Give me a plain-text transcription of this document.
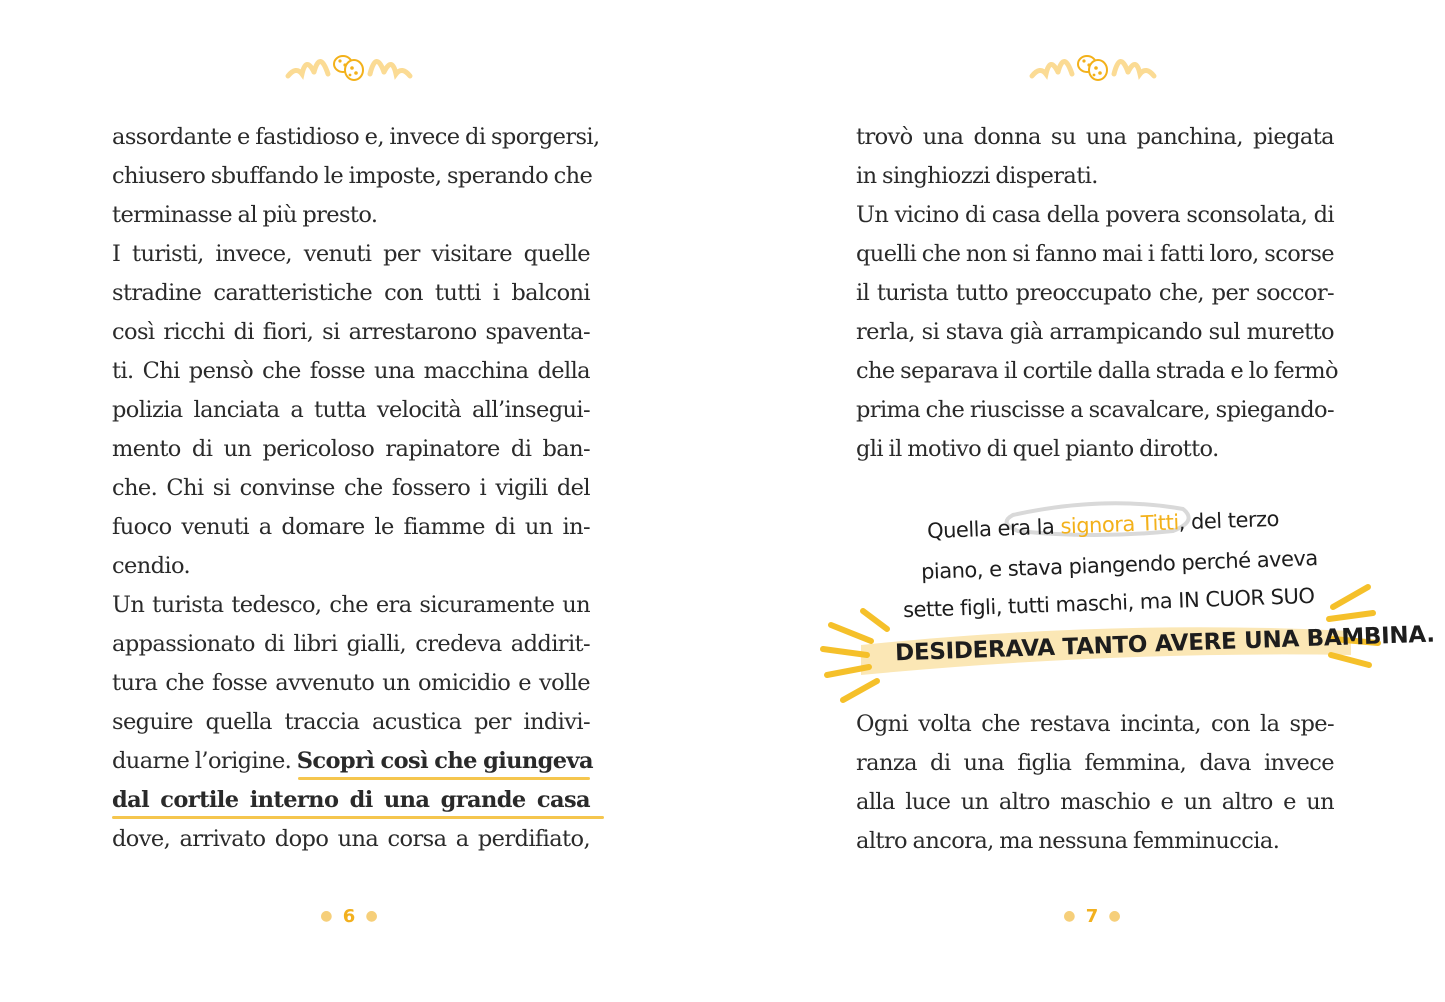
assordante e fastidioso e, invece di sporgersi,
chiusero sbuffando le imposte, sperando che
terminasse al più presto.
I turisti, invece, venuti per visitare quelle
stradine caratteristiche con tutti i balconi
così ricchi di fiori, si arrestarono spaventa-
ti. Chi pensò che fosse una macchina della
polizia lanciata a tutta velocità all’insegui-
mento di un pericoloso rapinatore di ban-
che. Chi si convinse che fossero i vigili del
fuoco venuti a domare le fiamme di un in-
cendio.
Un turista tedesco, che era sicuramente un
appassionato di libri gialli, credeva addirit-
tura che fosse avvenuto un omicidio e volle
seguire quella traccia acustica per indivi-
duarne l’origine. Scoprì così che giungeva
dal cortile interno di una grande casa
dove, arrivato dopo una corsa a perdifiato,
● 6 ●
trovò una donna su una panchina, piegata
in singhiozzi disperati.
Un vicino di casa della povera sconsolata, di
quelli che non si fanno mai i fatti loro, scorse
il turista tutto preoccupato che, per soccor-
rerla, si stava già arrampicando sul muretto
che separava il cortile dalla strada e lo fermò
prima che riuscisse a scavalcare, spiegando-
gli il motivo di quel pianto dirotto.
Quella era la signora Titti, del terzo
piano, e stava piangendo perché aveva
sette figli, tutti maschi, ma IN CUOR SUO
DESIDERAVA TANTO AVERE UNA BAMBINA.
Ogni volta che restava incinta, con la spe-
ranza di una figlia femmina, dava invece
alla luce un altro maschio e un altro e un
altro ancora, ma nessuna femminuccia.
● 7 ●
